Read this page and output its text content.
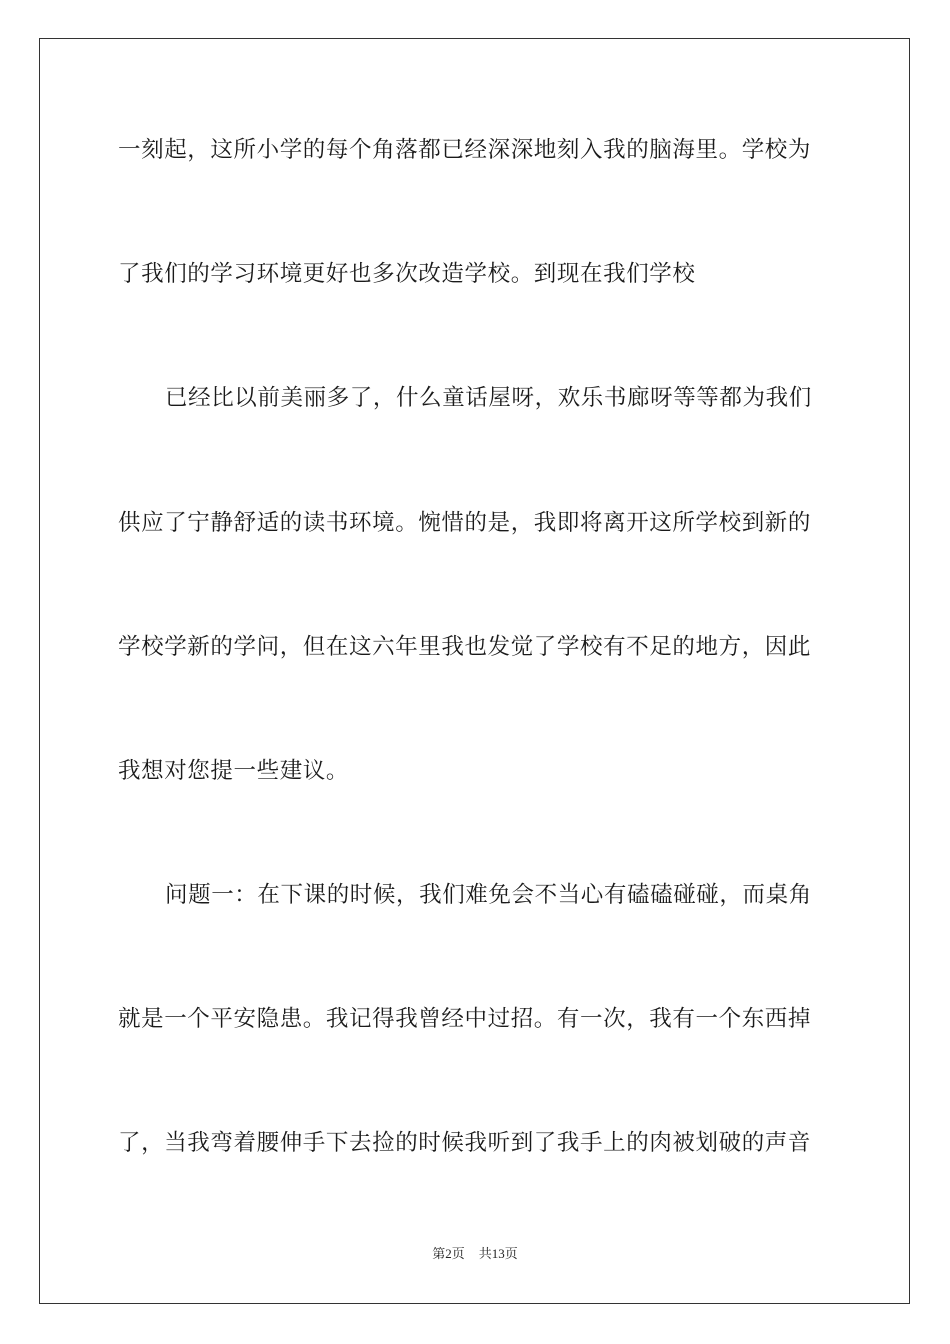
一刻起，这所小学的每个角落都已经深深地刻入我的脑海里。学校为
了我们的学习环境更好也多次改造学校。到现在我们学校
已经比以前美丽多了，什么童话屋呀，欢乐书廊呀等等都为我们
供应了宁静舒适的读书环境。惋惜的是，我即将离开这所学校到新的
学校学新的学问，但在这六年里我也发觉了学校有不足的地方，因此
我想对您提一些建议。
问题一：在下课的时候，我们难免会不当心有磕磕碰碰，而桌角
就是一个平安隐患。我记得我曾经中过招。有一次，我有一个东西掉
了，当我弯着腰伸手下去捡的时候我听到了我手上的肉被划破的声音
第2页 共13页
